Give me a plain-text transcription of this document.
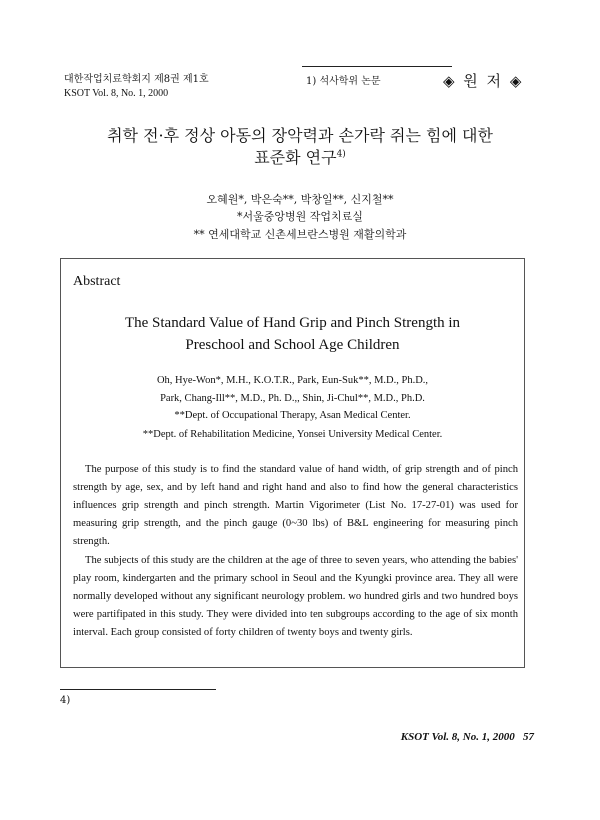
대한작업치료학회지 제8권 제1호
KSOT Vol. 8, No. 1, 2000
1) 석사학위 논문	◈ 원 저 ◈
취학 전·후 정상 아동의 장악력과 손가락 쥐는 힘에 대한
표준화 연구$^{4)}$
오혜원*, 박은숙**, 박창일**, 신지철**
*서울중앙병원 작업치료실
** 연세대학교 신촌세브란스병원 재활의학과
Abstract
The Standard Value of Hand Grip and Pinch Strength in
Preschool and School Age Children
Oh, Hye-Won*, M.H., K.O.T.R., Park, Eun-Suk**, M.D., Ph.D.,
Park, Chang-Ill**, M.D., Ph. D.,, Shin, Ji-Chul**, M.D., Ph.D.
**Dept. of Occupational Therapy, Asan Medical Center.
**Dept. of Rehabilitation Medicine, Yonsei University Medical Center.
The purpose of this study is to find the standard value of hand width, of grip strength and of pinch strength by age, sex, and by left hand and right hand and also to find how the general characteristics influences grip strength and pinch strength. Martin Vigorimeter (List No. 17-27-01) was used for measuring grip strength, and the pinch gauge (0~30 lbs) of B&L engineering for measuring pinch strength.
The subjects of this study are the children at the age of three to seven years, who attending the babies' play room, kindergarten and the primary school in Seoul and the Kyungki province area. They all were normally developed without any significant neurology problem. wo hundred girls and two hundred boys were partifipated in this study. They were divided into ten subgroups according to the age of six month interval. Each group consisted of forty children of twenty boys and twenty girls.
4)
KSOT Vol. 8, No. 1, 2000   57
